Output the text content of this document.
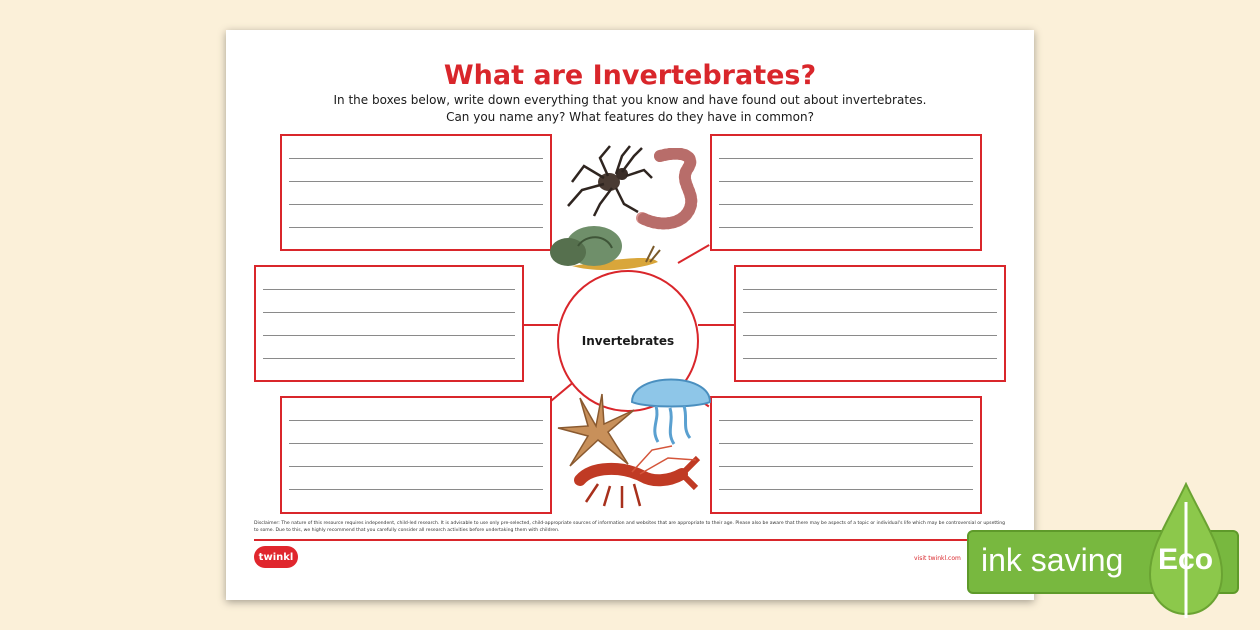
What are Invertebrates?
In the boxes below, write down everything that you know and have found out about invertebrates.
Can you name any? What features do they have in common?
Invertebrates
Disclaimer: The nature of this resource requires independent, child-led research. It is advisable to use only pre-selected, child-appropriate sources of information and websites that are appropriate to their age. Please also be aware that there may be aspects of a topic or individual's life which may be controversial or upsetting to some. Due to this, we highly recommend that you carefully consider all research activities before undertaking them with children.
twinkl	visit twinkl.com ink saving Eco
